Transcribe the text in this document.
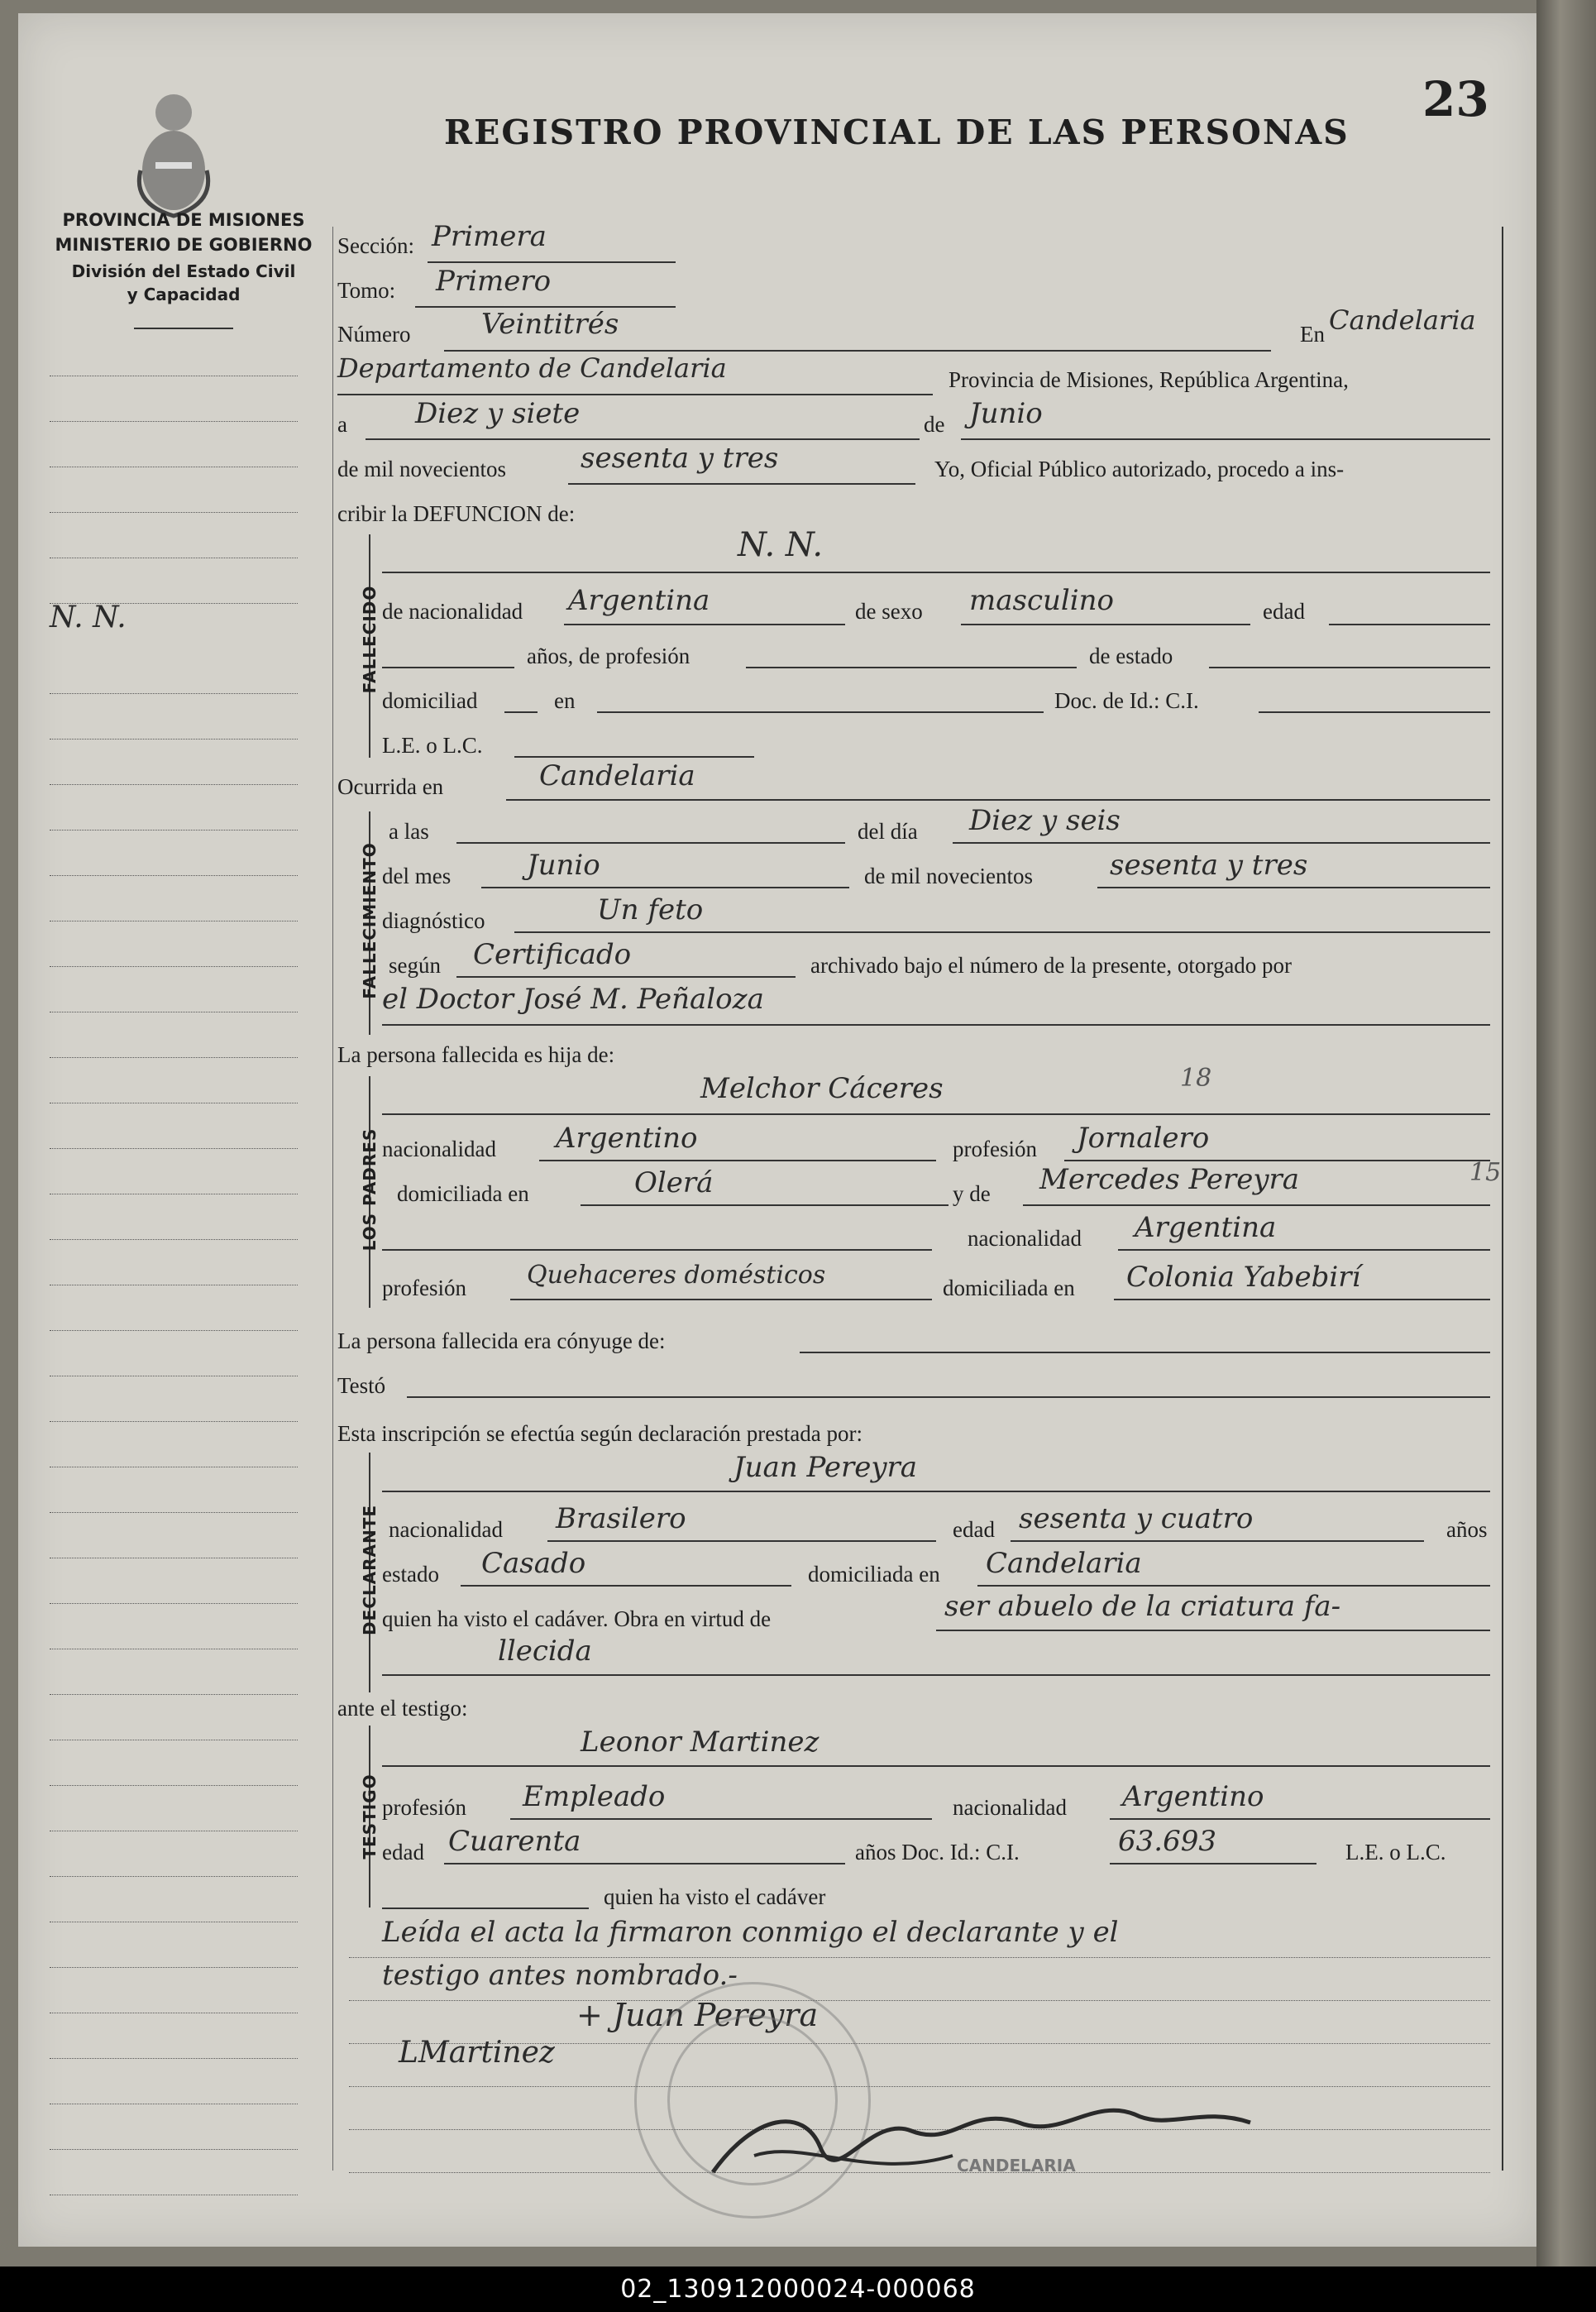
23
REGISTRO PROVINCIAL DE LAS PERSONAS
PROVINCIA DE MISIONES
MINISTERIO DE GOBIERNO
División del Estado Civil
y Capacidad
N. N.
Sección: Primera
Tomo: Primero
Número	Veintitrés	En Candelaria
Departamento de Candelaria	Provincia de Misiones, República Argentina,
a Diez y siete	de Junio
de mil novecientos	sesenta y tres	Yo, Oficial Público autorizado, procedo a ins-
cribir la DEFUNCION de:
FALLECIDO
N. N.
de nacionalidad Argentina	de sexo masculino	edad
años, de profesión	de estado
domiciliad	en	Doc. de Id.: C.I.
L.E. o L.C.
Ocurrida en	Candelaria
FALLECIMIENTO
a las	del día Diez y seis
del mes	Junio	de mil novecientos	sesenta y tres
diagnóstico	Un feto
según Certificado	archivado bajo el número de la presente, otorgado por
el Doctor José M. Peñaloza
La persona fallecida es hija de:
LOS PADRES
Melchor Cáceres	18
nacionalidad Argentino	profesión Jornalero
domiciliada en	Olerá	y de Mercedes Pereyra	15
nacionalidad Argentina
profesión Quehaceres domésticos	domiciliada en Colonia Yabebirí
La persona fallecida era cónyuge de:
Testó
Esta inscripción se efectúa según declaración prestada por:
DECLARANTE
Juan Pereyra
nacionalidad Brasilero	edad sesenta y cuatro	años
estado Casado	domiciliada en Candelaria
quien ha visto el cadáver. Obra en virtud de	ser abuelo de la criatura fa-
llecida
ante el testigo:
TESTIGO
Leonor Martinez
profesión Empleado	nacionalidad Argentino
edad Cuarenta	años Doc. Id.: C.I.	63.693	L.E. o L.C.
quien ha visto el cadáver
Leída el acta la firmaron conmigo el declarante y el
testigo antes nombrado.-
+ Juan Pereyra
LMartinez
CANDELARIA
02_130912000024-000068
